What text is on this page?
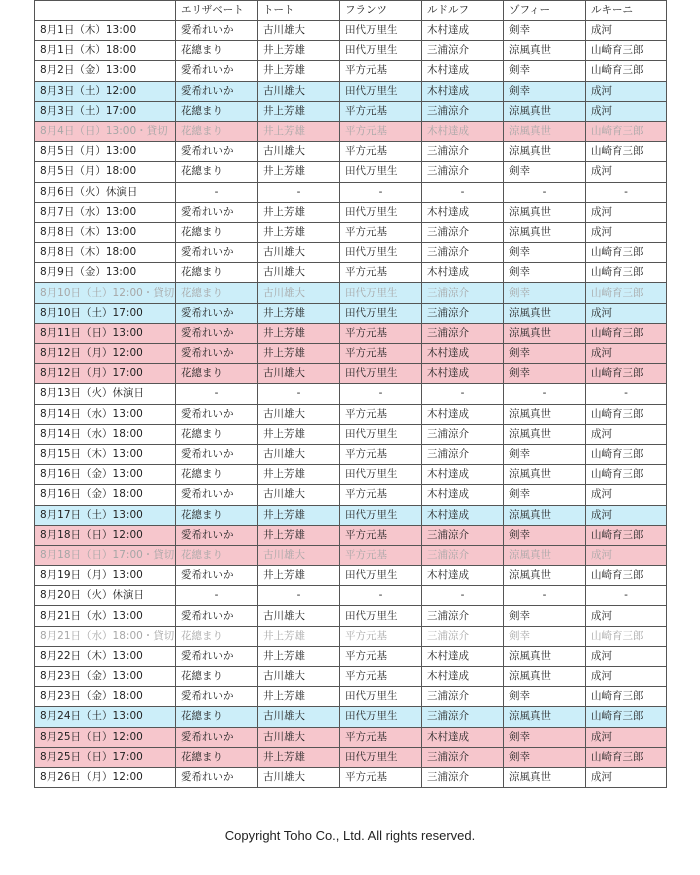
	エリザベート	トート	フランツ	ルドルフ	ゾフィー	ルキーニ
8月1日（木）13:00	愛希れいか	古川雄大	田代万里生	木村達成	剣幸	成河
8月1日（木）18:00	花總まり	井上芳雄	田代万里生	三浦涼介	涼風真世	山崎育三郎
8月2日（金）13:00	愛希れいか	井上芳雄	平方元基	木村達成	剣幸	山崎育三郎
8月3日（土）12:00	愛希れいか	古川雄大	田代万里生	木村達成	剣幸	成河
8月3日（土）17:00	花總まり	井上芳雄	平方元基	三浦涼介	涼風真世	成河
8月4日（日）13:00・貸切	花總まり	井上芳雄	平方元基	木村達成	涼風真世	山崎育三郎
8月5日（月）13:00	愛希れいか	古川雄大	平方元基	三浦涼介	涼風真世	山崎育三郎
8月5日（月）18:00	花總まり	井上芳雄	田代万里生	三浦涼介	剣幸	成河
8月6日（火）休演日	-	-	-	-	-	-
8月7日（水）13:00	愛希れいか	井上芳雄	田代万里生	木村達成	涼風真世	成河
8月8日（木）13:00	花總まり	井上芳雄	平方元基	三浦涼介	涼風真世	成河
8月8日（木）18:00	愛希れいか	古川雄大	田代万里生	三浦涼介	剣幸	山崎育三郎
8月9日（金）13:00	花總まり	古川雄大	平方元基	木村達成	剣幸	山崎育三郎
8月10日（土）12:00・貸切	花總まり	古川雄大	田代万里生	三浦涼介	剣幸	山崎育三郎
8月10日（土）17:00	愛希れいか	井上芳雄	田代万里生	三浦涼介	涼風真世	成河
8月11日（日）13:00	愛希れいか	井上芳雄	平方元基	三浦涼介	涼風真世	山崎育三郎
8月12日（月）12:00	愛希れいか	井上芳雄	平方元基	木村達成	剣幸	成河
8月12日（月）17:00	花總まり	古川雄大	田代万里生	木村達成	剣幸	山崎育三郎
8月13日（火）休演日	-	-	-	-	-	-
8月14日（水）13:00	愛希れいか	古川雄大	平方元基	木村達成	涼風真世	山崎育三郎
8月14日（水）18:00	花總まり	井上芳雄	田代万里生	三浦涼介	涼風真世	成河
8月15日（木）13:00	愛希れいか	古川雄大	平方元基	三浦涼介	剣幸	山崎育三郎
8月16日（金）13:00	花總まり	井上芳雄	田代万里生	木村達成	涼風真世	山崎育三郎
8月16日（金）18:00	愛希れいか	古川雄大	平方元基	木村達成	剣幸	成河
8月17日（土）13:00	花總まり	井上芳雄	田代万里生	木村達成	涼風真世	成河
8月18日（日）12:00	愛希れいか	井上芳雄	平方元基	三浦涼介	剣幸	山崎育三郎
8月18日（日）17:00・貸切	花總まり	古川雄大	平方元基	三浦涼介	涼風真世	成河
8月19日（月）13:00	愛希れいか	井上芳雄	田代万里生	木村達成	涼風真世	山崎育三郎
8月20日（火）休演日	-	-	-	-	-	-
8月21日（水）13:00	愛希れいか	古川雄大	田代万里生	三浦涼介	剣幸	成河
8月21日（水）18:00・貸切	花總まり	井上芳雄	平方元基	三浦涼介	剣幸	山崎育三郎
8月22日（木）13:00	愛希れいか	井上芳雄	平方元基	木村達成	涼風真世	成河
8月23日（金）13:00	花總まり	古川雄大	平方元基	木村達成	涼風真世	成河
8月23日（金）18:00	愛希れいか	井上芳雄	田代万里生	三浦涼介	剣幸	山崎育三郎
8月24日（土）13:00	花總まり	古川雄大	田代万里生	三浦涼介	涼風真世	山崎育三郎
8月25日（日）12:00	愛希れいか	古川雄大	平方元基	木村達成	剣幸	成河
8月25日（日）17:00	花總まり	井上芳雄	田代万里生	三浦涼介	剣幸	山崎育三郎
8月26日（月）12:00	愛希れいか	古川雄大	平方元基	三浦涼介	涼風真世	成河
Copyright Toho Co., Ltd. All rights reserved.
